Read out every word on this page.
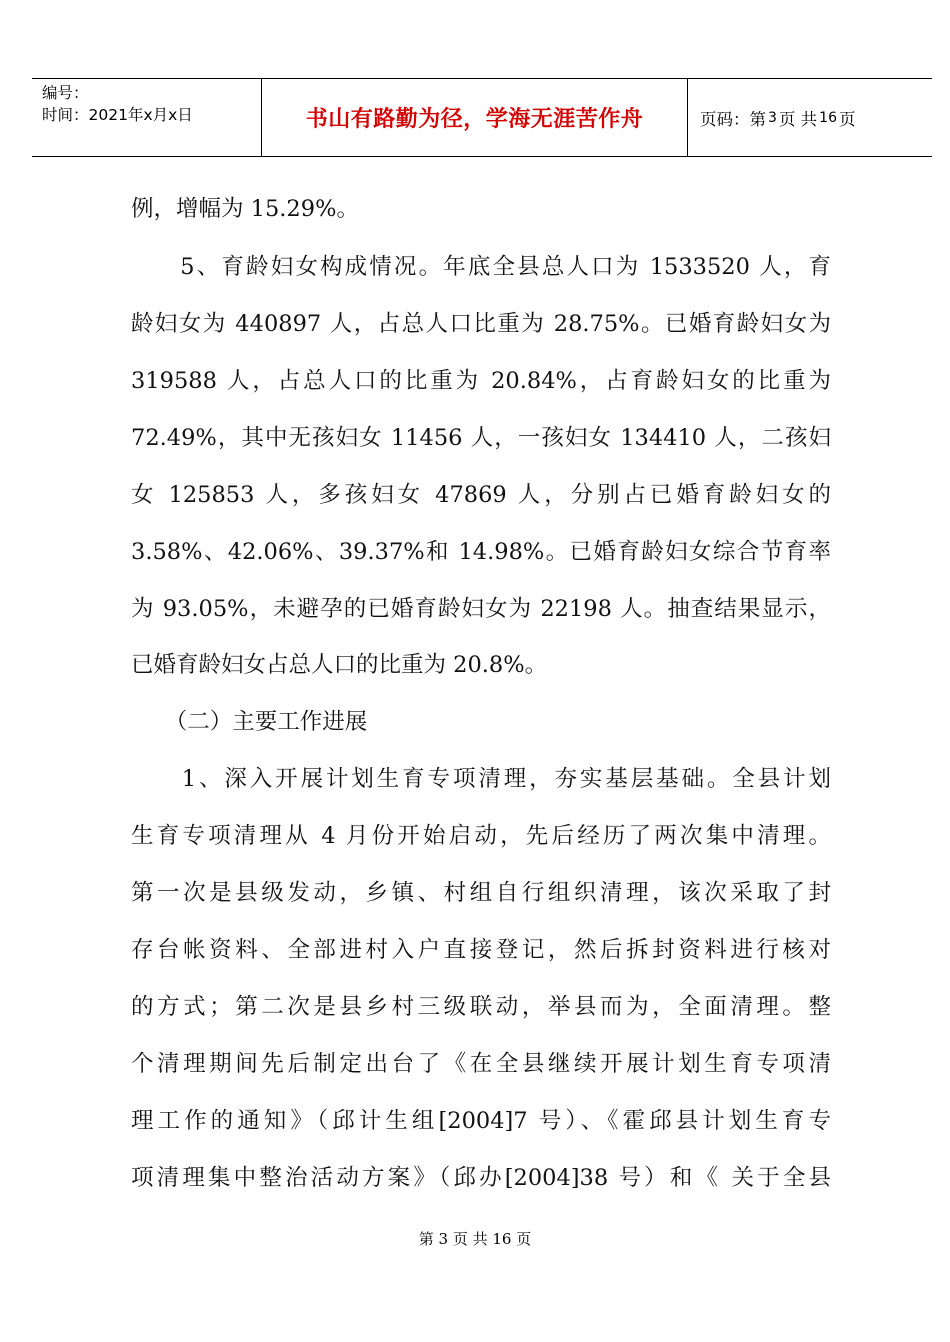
编号：
时间：2021年x月x日	书山有路勤为径，学海无涯苦作舟	页码：第 3 页 共 16 页
例，增幅为 15.29%。
　　5、育龄妇女构成情况。年底全县总人口为 1533520 人，育
龄妇女为 440897 人，占总人口比重为 28.75%。已婚育龄妇女为
319588 人，占总人口的比重为 20.84%，占育龄妇女的比重为
72.49%，其中无孩妇女 11456 人，一孩妇女 134410 人，二孩妇
女 125853 人，多孩妇女 47869 人，分别占已婚育龄妇女的
3.58%、42.06%、39.37%和 14.98%。已婚育龄妇女综合节育率
为 93.05%，未避孕的已婚育龄妇女为 22198 人。抽查结果显示，
已婚育龄妇女占总人口的比重为 20.8%。
　　（二）主要工作进展
　　1、深入开展计划生育专项清理，夯实基层基础。全县计划
生育专项清理从 4 月份开始启动，先后经历了两次集中清理。
第一次是县级发动，乡镇、村组自行组织清理，该次采取了封
存台帐资料、全部进村入户直接登记，然后拆封资料进行核对
的方式；第二次是县乡村三级联动，举县而为，全面清理。整
个清理期间先后制定出台了《在全县继续开展计划生育专项清
理工作的通知》（邱计生组[2004]7 号）、《霍邱县计划生育专
项清理集中整治活动方案》（邱办[2004]38 号）和《 关于全县
第 3 页 共 16 页
